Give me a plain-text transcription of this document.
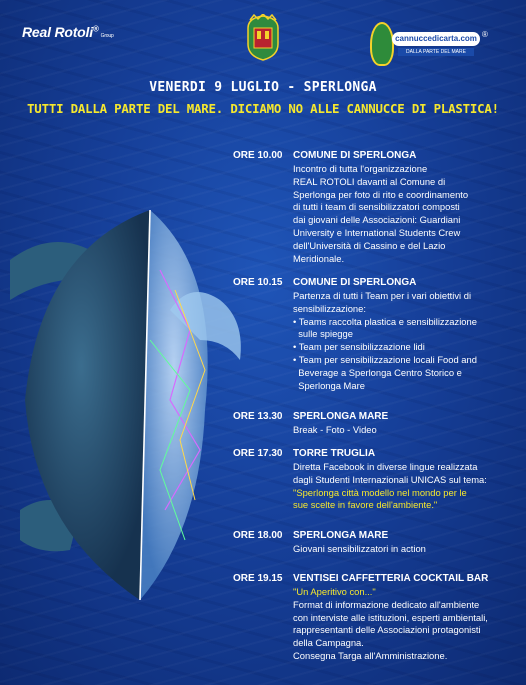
Real Rotoli®Group	cannuccedicarta.com
DALLA PARTE DEL MARE
®
VENERDI 9 LUGLIO - SPERLONGA
TUTTI DALLA PARTE DEL MARE. DICIAMO NO ALLE CANNUCCE DI PLASTICA!
ORE 10.00	COMUNE DI SPERLONGA
Incontro di tutta l'organizzazione
REAL ROTOLI davanti al Comune di
Sperlonga per foto di rito e coordinamento
di tutti i team di sensibilizzatori composti
dai giovani delle Associazioni: Guardiani
University e International Students Crew
dell'Università di Cassino e del Lazio
Meridionale.
ORE 10.15	COMUNE DI SPERLONGA
Partenza di tutti i Team per i vari obiettivi di
sensibilizzazione:
• Teams raccolta plastica e sensibilizzazione
sulle spiegge
• Team per sensibilizzazione lidi
• Team per sensibilizzazione locali Food and
Beverage a Sperlonga Centro Storico e
Sperlonga Mare
ORE 13.30	SPERLONGA MARE
Break - Foto - Video
ORE 17.30	TORRE TRUGLIA
Diretta Facebook in diverse lingue realizzata
dagli Studenti Internazionali UNICAS sul tema:
"Sperlonga città modello nel mondo per le
sue scelte in favore dell'ambiente."
ORE 18.00	SPERLONGA MARE
Giovani sensibilizzatori in action
ORE 19.15	VENTISEI CAFFETTERIA COCKTAIL BAR
"Un Aperitivo con..."
Format di informazione dedicato all'ambiente
con interviste alle istituzioni, esperti ambientali,
rappresentanti delle Associazioni protagonisti
della Campagna.
Consegna Targa all'Amministrazione.
